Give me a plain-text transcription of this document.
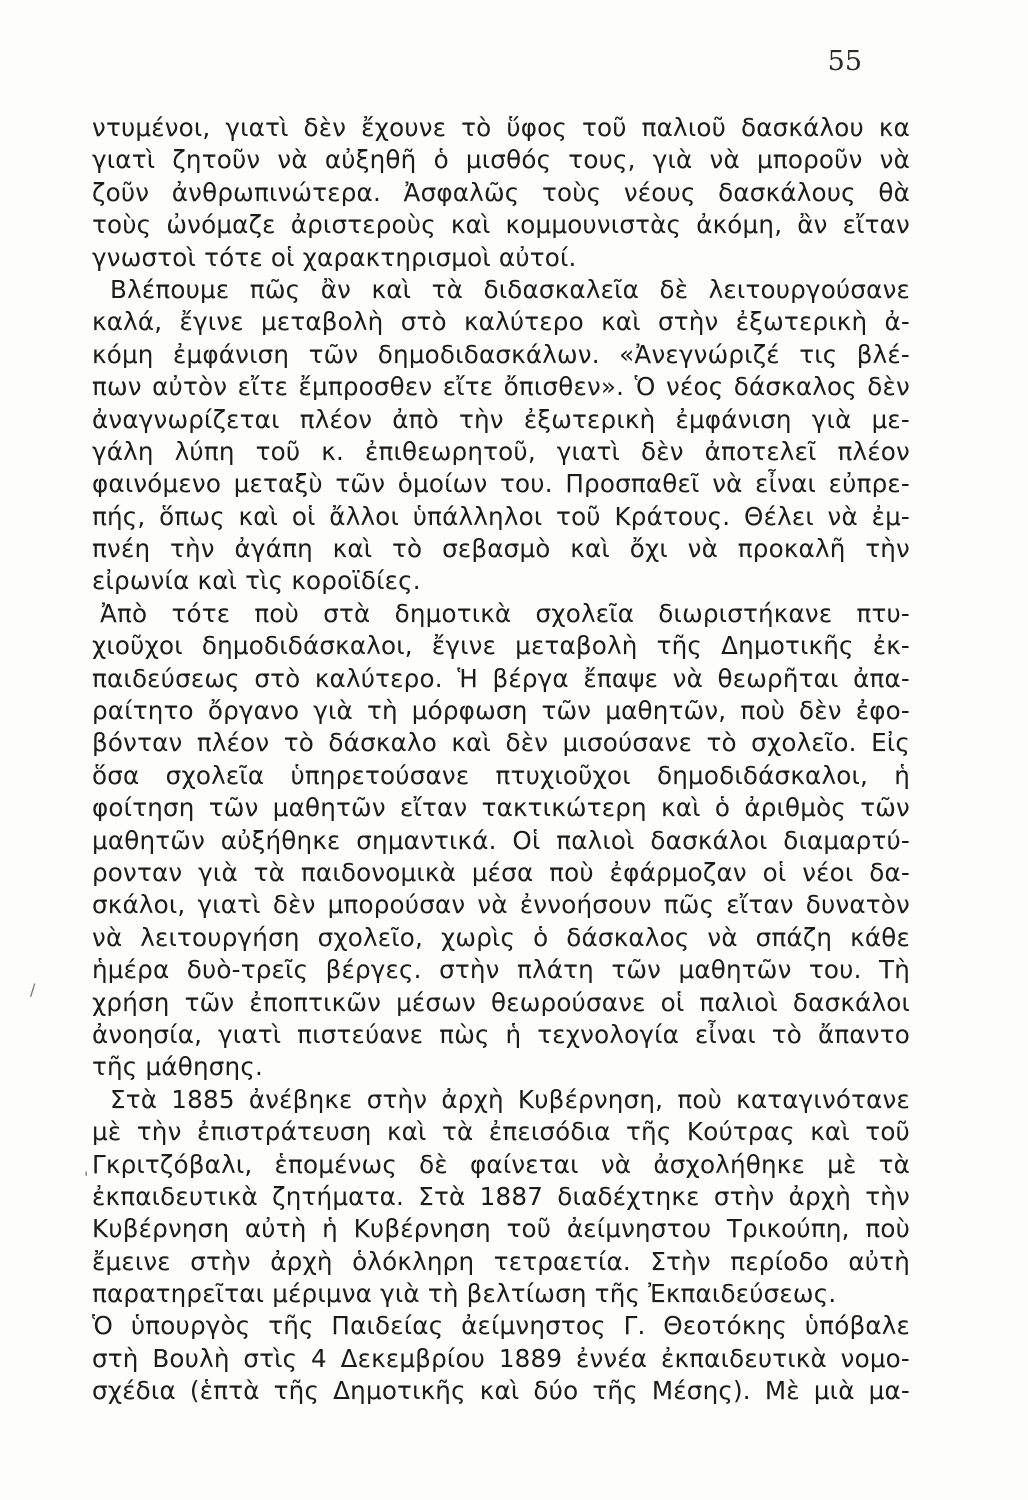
55
ντυμένοι, γιατὶ δὲν ἔχουνε τὸ ὕφος τοῦ παλιοῦ δασκάλου κα
γιατὶ ζητοῦν νὰ αὐξηθῆ ὁ μισθός τους, γιὰ νὰ μποροῦν νὰ
ζοῦν ἀνθρωπινώτερα. Ἀσφαλῶς τοὺς νέους δασκάλους θὰ
τοὺς ὠνόμαζε ἀριστεροὺς καὶ κομμουνιστὰς ἀκόμη, ἂν εἴταν
γνωστοὶ τότε οἱ χαρακτηρισμοὶ αὐτοί.
Βλέπουμε πῶς ἂν καὶ τὰ διδασκαλεῖα δὲ λειτουργούσανε
καλά, ἔγινε μεταβολὴ στὸ καλύτερο καὶ στὴν ἐξωτερικὴ ἀ-
κόμη ἐμφάνιση τῶν δημοδιδασκάλων. «Ἀνεγνώριζέ τις βλέ-
πων αὐτὸν εἴτε ἔμπροσθεν εἴτε ὄπισθεν». Ὁ νέος δάσκαλος δὲν
ἀναγνωρίζεται πλέον ἀπὸ τὴν ἐξωτερικὴ ἐμφάνιση γιὰ με-
γάλη λύπη τοῦ κ. ἐπιθεωρητοῦ, γιατὶ δὲν ἀποτελεῖ πλέον
φαινόμενο μεταξὺ τῶν ὁμοίων του. Προσπαθεῖ νὰ εἶναι εὐπρε-
πής, ὅπως καὶ οἱ ἄλλοι ὑπάλληλοι τοῦ Κράτους. Θέλει νὰ ἐμ-
πνέη τὴν ἀγάπη καὶ τὸ σεβασμὸ καὶ ὄχι νὰ προκαλῆ τὴν
εἰρωνία καὶ τὶς κοροϊδίες.
Ἀπὸ τότε ποὺ στὰ δημοτικὰ σχολεῖα διωριστήκανε πτυ-
χιοῦχοι δημοδιδάσκαλοι, ἔγινε μεταβολὴ τῆς Δημοτικῆς ἐκ-
παιδεύσεως στὸ καλύτερο. Ἡ βέργα ἔπαψε νὰ θεωρῆται ἀπα-
ραίτητο ὄργανο γιὰ τὴ μόρφωση τῶν μαθητῶν, ποὺ δὲν ἐφο-
βόνταν πλέον τὸ δάσκαλο καὶ δὲν μισούσανε τὸ σχολεῖο. Εἰς
ὅσα σχολεῖα ὑπηρετούσανε πτυχιοῦχοι δημοδιδάσκαλοι, ἡ
φοίτηση τῶν μαθητῶν εἴταν τακτικώτερη καὶ ὁ ἀριθμὸς τῶν
μαθητῶν αὐξήθηκε σημαντικά. Οἱ παλιοὶ δασκάλοι διαμαρτύ-
ρονταν γιὰ τὰ παιδονομικὰ μέσα ποὺ ἐφάρμοζαν οἱ νέοι δα-
σκάλοι, γιατὶ δὲν μπορούσαν νὰ ἐννοήσουν πῶς εἴταν δυνατὸν
νὰ λειτουργήση σχολεῖο, χωρὶς ὁ δάσκαλος νὰ σπάζη κάθε
ἡμέρα δυὸ-τρεῖς βέργες. στὴν πλάτη τῶν μαθητῶν του. Τὴ
χρήση τῶν ἐποπτικῶν μέσων θεωρούσανε οἱ παλιοὶ δασκάλοι
ἀνοησία, γιατὶ πιστεύανε πὼς ἡ τεχνολογία εἶναι τὸ ἄπαντο
τῆς μάθησης.
Στὰ 1885 ἀνέβηκε στὴν ἀρχὴ Κυβέρνηση, ποὺ καταγινότανε
μὲ τὴν ἐπιστράτευση καὶ τὰ ἐπεισόδια τῆς Κούτρας καὶ τοῦ
Γκριτζόβαλι, ἑπομένως δὲ φαίνεται νὰ ἀσχολήθηκε μὲ τὰ
ἐκπαιδευτικὰ ζητήματα. Στὰ 1887 διαδέχτηκε στὴν ἀρχὴ τὴν
Κυβέρνηση αὐτὴ ἡ Κυβέρνηση τοῦ ἀείμνηστου Τρικούπη, ποὺ
ἔμεινε στὴν ἀρχὴ ὁλόκληρη τετραετία. Στὴν περίοδο αὐτὴ
παρατηρεῖται μέριμνα γιὰ τὴ βελτίωση τῆς Ἐκπαιδεύσεως.
Ὁ ὑπουργὸς τῆς Παιδείας ἀείμνηστος Γ. Θεοτόκης ὑπόβαλε
στὴ Βουλὴ στὶς 4 Δεκεμβρίου 1889 ἐννέα ἐκπαιδευτικὰ νομο-
σχέδια (ἑπτὰ τῆς Δημοτικῆς καὶ δύο τῆς Μέσης). Μὲ μιὰ μα-
/
'
